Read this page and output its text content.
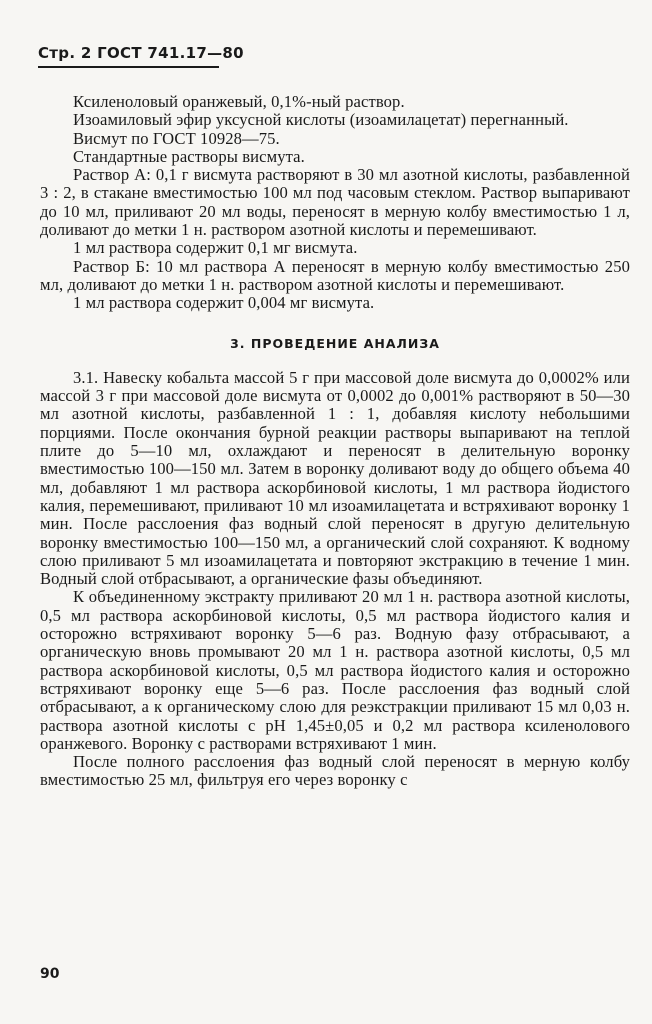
Стр. 2 ГОСТ 741.17—80

Ксиленоловый оранжевый, 0,1%-ный раствор.

Изоамиловый эфир уксусной кислоты (изоамилацетат) перегнанный.

Висмут по ГОСТ 10928—75.

Стандартные растворы висмута.

Раствор А: 0,1 г висмута растворяют в 30 мл азотной кислоты, разбавленной 3 : 2, в стакане вместимостью 100 мл под часовым стеклом. Раствор выпаривают до 10 мл, приливают 20 мл воды, переносят в мерную колбу вместимостью 1 л, доливают до метки 1 н. раствором азотной кислоты и перемешивают.

1 мл раствора содержит 0,1 мг висмута.

Раствор Б: 10 мл раствора А переносят в мерную колбу вместимостью 250 мл, доливают до метки 1 н. раствором азотной кислоты и перемешивают.

1 мл раствора содержит 0,004 мг висмута.

3. ПРОВЕДЕНИЕ АНАЛИЗА

3.1. Навеску кобальта массой 5 г при массовой доле висмута до 0,0002% или массой 3 г при массовой доле висмута от 0,0002 до 0,001% растворяют в 50—30 мл азотной кислоты, разбавленной 1 : 1, добавляя кислоту небольшими порциями. После окончания бурной реакции растворы выпаривают на теплой плите до 5—10 мл, охлаждают и переносят в делительную воронку вместимостью 100—150 мл. Затем в воронку доливают воду до общего объема 40 мл, добавляют 1 мл раствора аскорбиновой кислоты, 1 мл раствора йодистого калия, перемешивают, приливают 10 мл изоамилацетата и встряхивают воронку 1 мин. После расслоения фаз водный слой переносят в другую делительную воронку вместимостью 100—150 мл, а органический слой сохраняют. К водному слою приливают 5 мл изоамилацетата и повторяют экстракцию в течение 1 мин. Водный слой отбрасывают, а органические фазы объединяют.

К объединенному экстракту приливают 20 мл 1 н. раствора азотной кислоты, 0,5 мл раствора аскорбиновой кислоты, 0,5 мл раствора йодистого калия и осторожно встряхивают воронку 5—6 раз. Водную фазу отбрасывают, а органическую вновь промывают 20 мл 1 н. раствора азотной кислоты, 0,5 мл раствора аскорбиновой кислоты, 0,5 мл раствора йодистого калия и осторожно встряхивают воронку еще 5—6 раз. После расслоения фаз водный слой отбрасывают, а к органическому слою для реэкстракции приливают 15 мл 0,03 н. раствора азотной кислоты с pH 1,45±0,05 и 0,2 мл раствора ксиленолового оранжевого. Воронку с растворами встряхивают 1 мин.

После полного расслоения фаз водный слой переносят в мерную колбу вместимостью 25 мл, фильтруя его через воронку с

90
